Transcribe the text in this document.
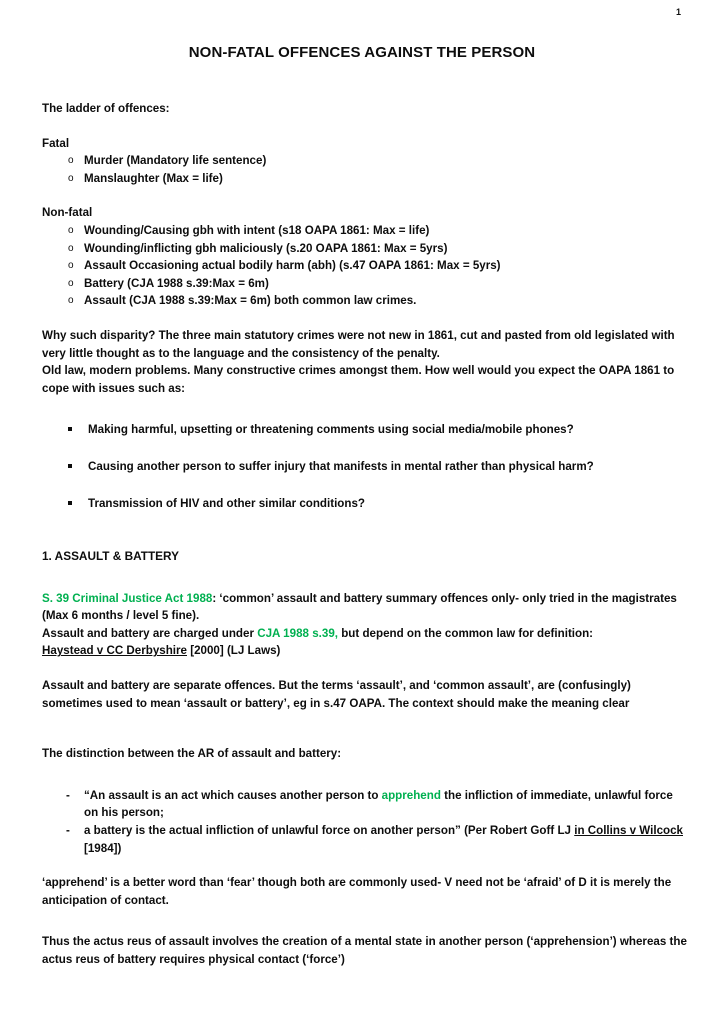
1
NON-FATAL OFFENCES AGAINST THE PERSON
The ladder of offences:
Fatal
o Murder (Mandatory life sentence)
o Manslaughter (Max = life)
Non-fatal
o Wounding/Causing gbh with intent (s18 OAPA 1861: Max = life)
o Wounding/inflicting gbh maliciously (s.20 OAPA 1861: Max = 5yrs)
o Assault Occasioning actual bodily harm (abh) (s.47 OAPA 1861: Max = 5yrs)
o Battery (CJA 1988 s.39:Max = 6m)
o Assault (CJA 1988 s.39:Max = 6m) both common law crimes.
Why such disparity? The three main statutory crimes were not new in 1861, cut and pasted from old legislated with very little thought as to the language and the consistency of the penalty.
Old law, modern problems. Many constructive crimes amongst them. How well would you expect the OAPA 1861 to cope with issues such as:
Making harmful, upsetting or threatening comments using social media/mobile phones?
Causing another person to suffer injury that manifests in mental rather than physical harm?
Transmission of HIV and other similar conditions?
1. ASSAULT & BATTERY
S. 39 Criminal Justice Act 1988: ‘common’ assault and battery summary offences only- only tried in the magistrates (Max 6 months / level 5 fine).
Assault and battery are charged under CJA 1988 s.39, but depend on the common law for definition:
Haystead v CC Derbyshire [2000] (LJ Laws)
Assault and battery are separate offences. But the terms ‘assault’, and ‘common assault’, are (confusingly) sometimes used to mean ‘assault or battery’, eg in s.47 OAPA. The context should make the meaning clear
The distinction between the AR of assault and battery:
- “An assault is an act which causes another person to apprehend the infliction of immediate, unlawful force on his person;
- a battery is the actual infliction of unlawful force on another person” (Per Robert Goff LJ in Collins v Wilcock [1984])
‘apprehend’ is a better word than ‘fear’ though both are commonly used- V need not be ‘afraid’ of D it is merely the anticipation of contact.
Thus the actus reus of assault involves the creation of a mental state in another person (‘apprehension’) whereas the actus reus of battery requires physical contact (‘force’)
